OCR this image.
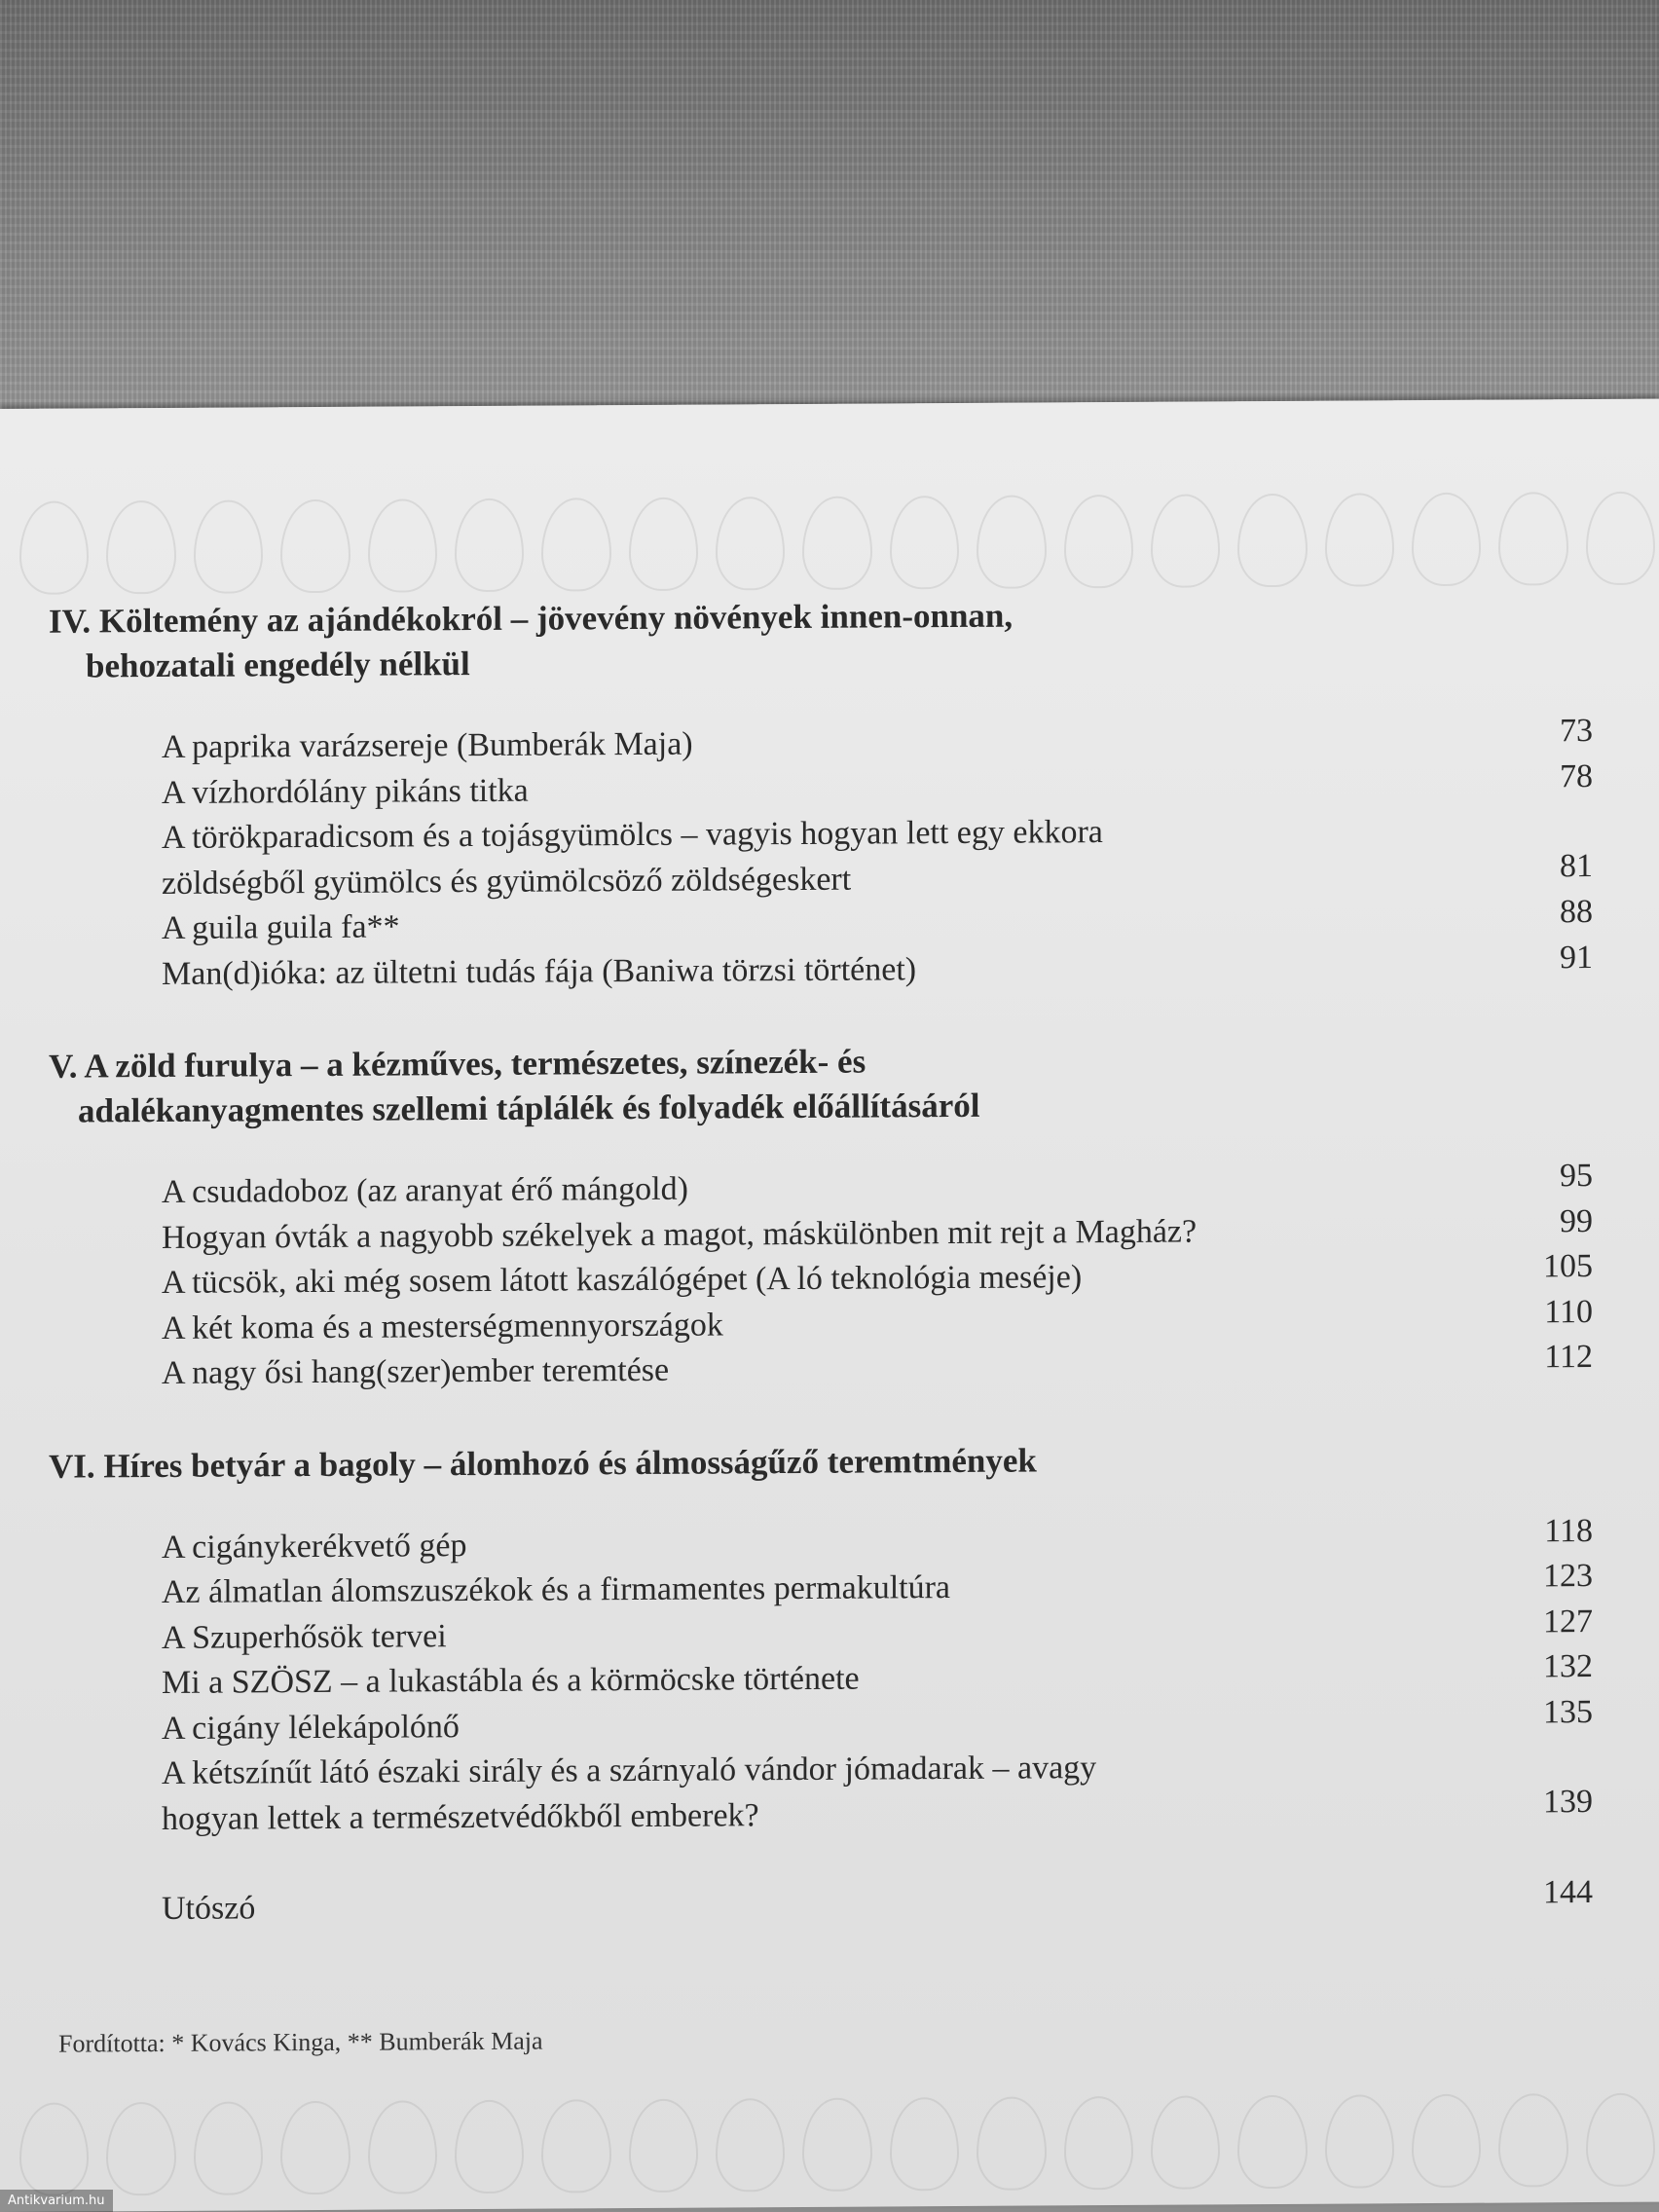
IV. Költemény az ajándékokról – jövevény növények innen-onnan,
behozatali engedély nélkül

A paprika varázsereje (Bumberák Maja)	73
A vízhordólány pikáns titka	78
A törökparadicsom és a tojásgyümölcs – vagyis hogyan lett egy ekkora
zöldségből gyümölcs és gyümölcsöző zöldségeskert	81
A guila guila fa**	88
Man(d)ióka: az ültetni tudás fája (Baniwa törzsi történet)	91

V. A zöld furulya – a kézműves, természetes, színezék- és
adalékanyagmentes szellemi táplálék és folyadék előállításáról

A csudadoboz (az aranyat érő mángold)	95
Hogyan óvták a nagyobb székelyek a magot, máskülönben mit rejt a Magház?	99
A tücsök, aki még sosem látott kaszálógépet (A ló teknológia meséje)	105
A két koma és a mesterségmennyországok	110
A nagy ősi hang(szer)ember teremtése	112

VI. Híres betyár a bagoly – álomhozó és álmosságűző teremtmények

A cigánykerékvető gép	118
Az álmatlan álomszuszékok és a firmamentes permakultúra	123
A Szuperhősök tervei	127
Mi a SZÖSZ – a lukastábla és a körmöcske története	132
A cigány lélekápolónő	135
A kétszínűt látó északi sirály és a szárnyaló vándor jómadarak – avagy
hogyan lettek a természetvédőkből emberek?	139
Utószó	144
Fordította: * Kovács Kinga, ** Bumberák Maja
Antikvarium.hu
